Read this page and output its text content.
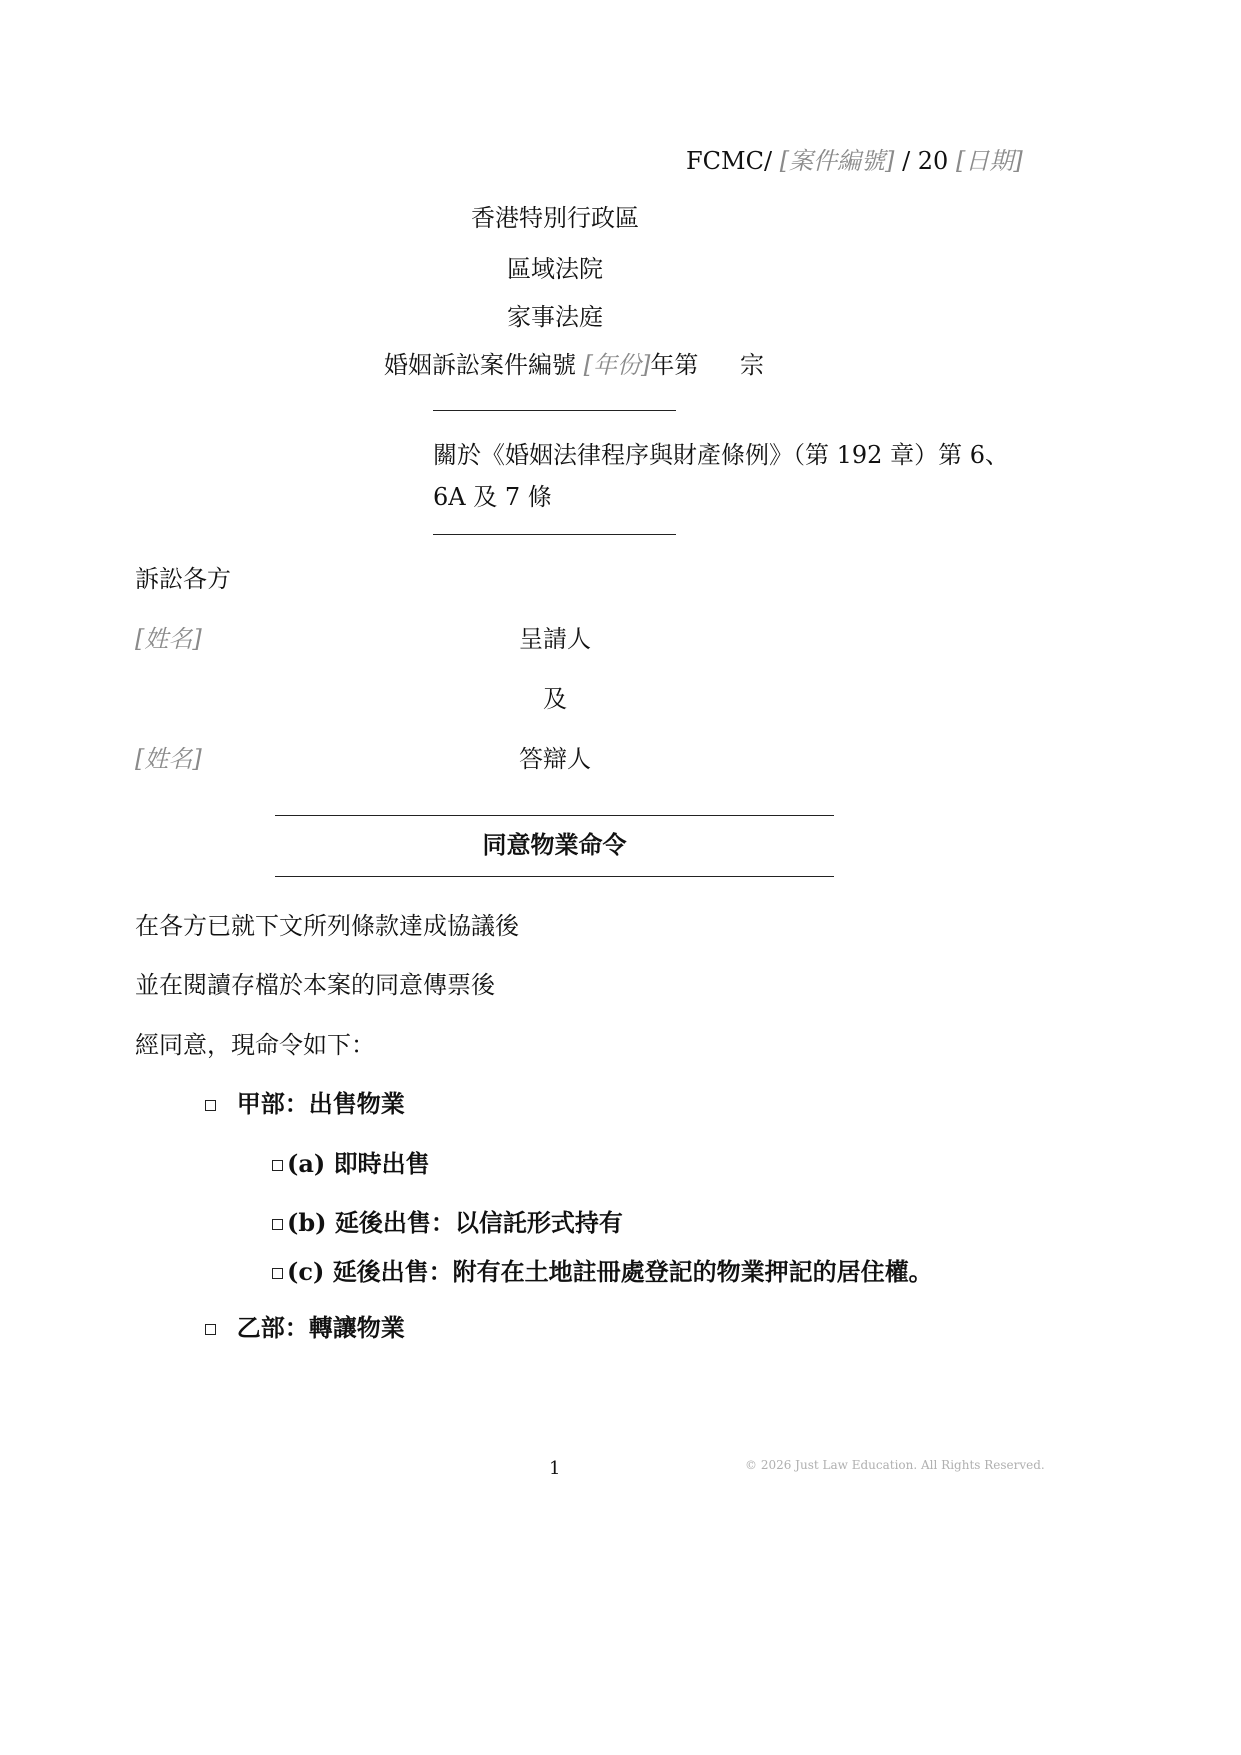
FCMC/ [案件編號] / 20 [日期]
香港特別行政區
區域法院
家事法庭
婚姻訴訟案件編號 [年份]年第 宗
關於《婚姻法律程序與財產條例》（第 192 章）第 6、
6A 及 7 條
訴訟各方
[姓名]	呈請人
及
[姓名]	答辯人
同意物業命令
在各方已就下文所列條款達成協議後
並在閱讀存檔於本案的同意傳票後
經同意，現命令如下：
甲部：出售物業
(a) 即時出售
(b) 延後出售：以信託形式持有
(c) 延後出售：附有在土地註冊處登記的物業押記的居住權。
乙部：轉讓物業
1	© 2026 Just Law Education. All Rights Reserved.
